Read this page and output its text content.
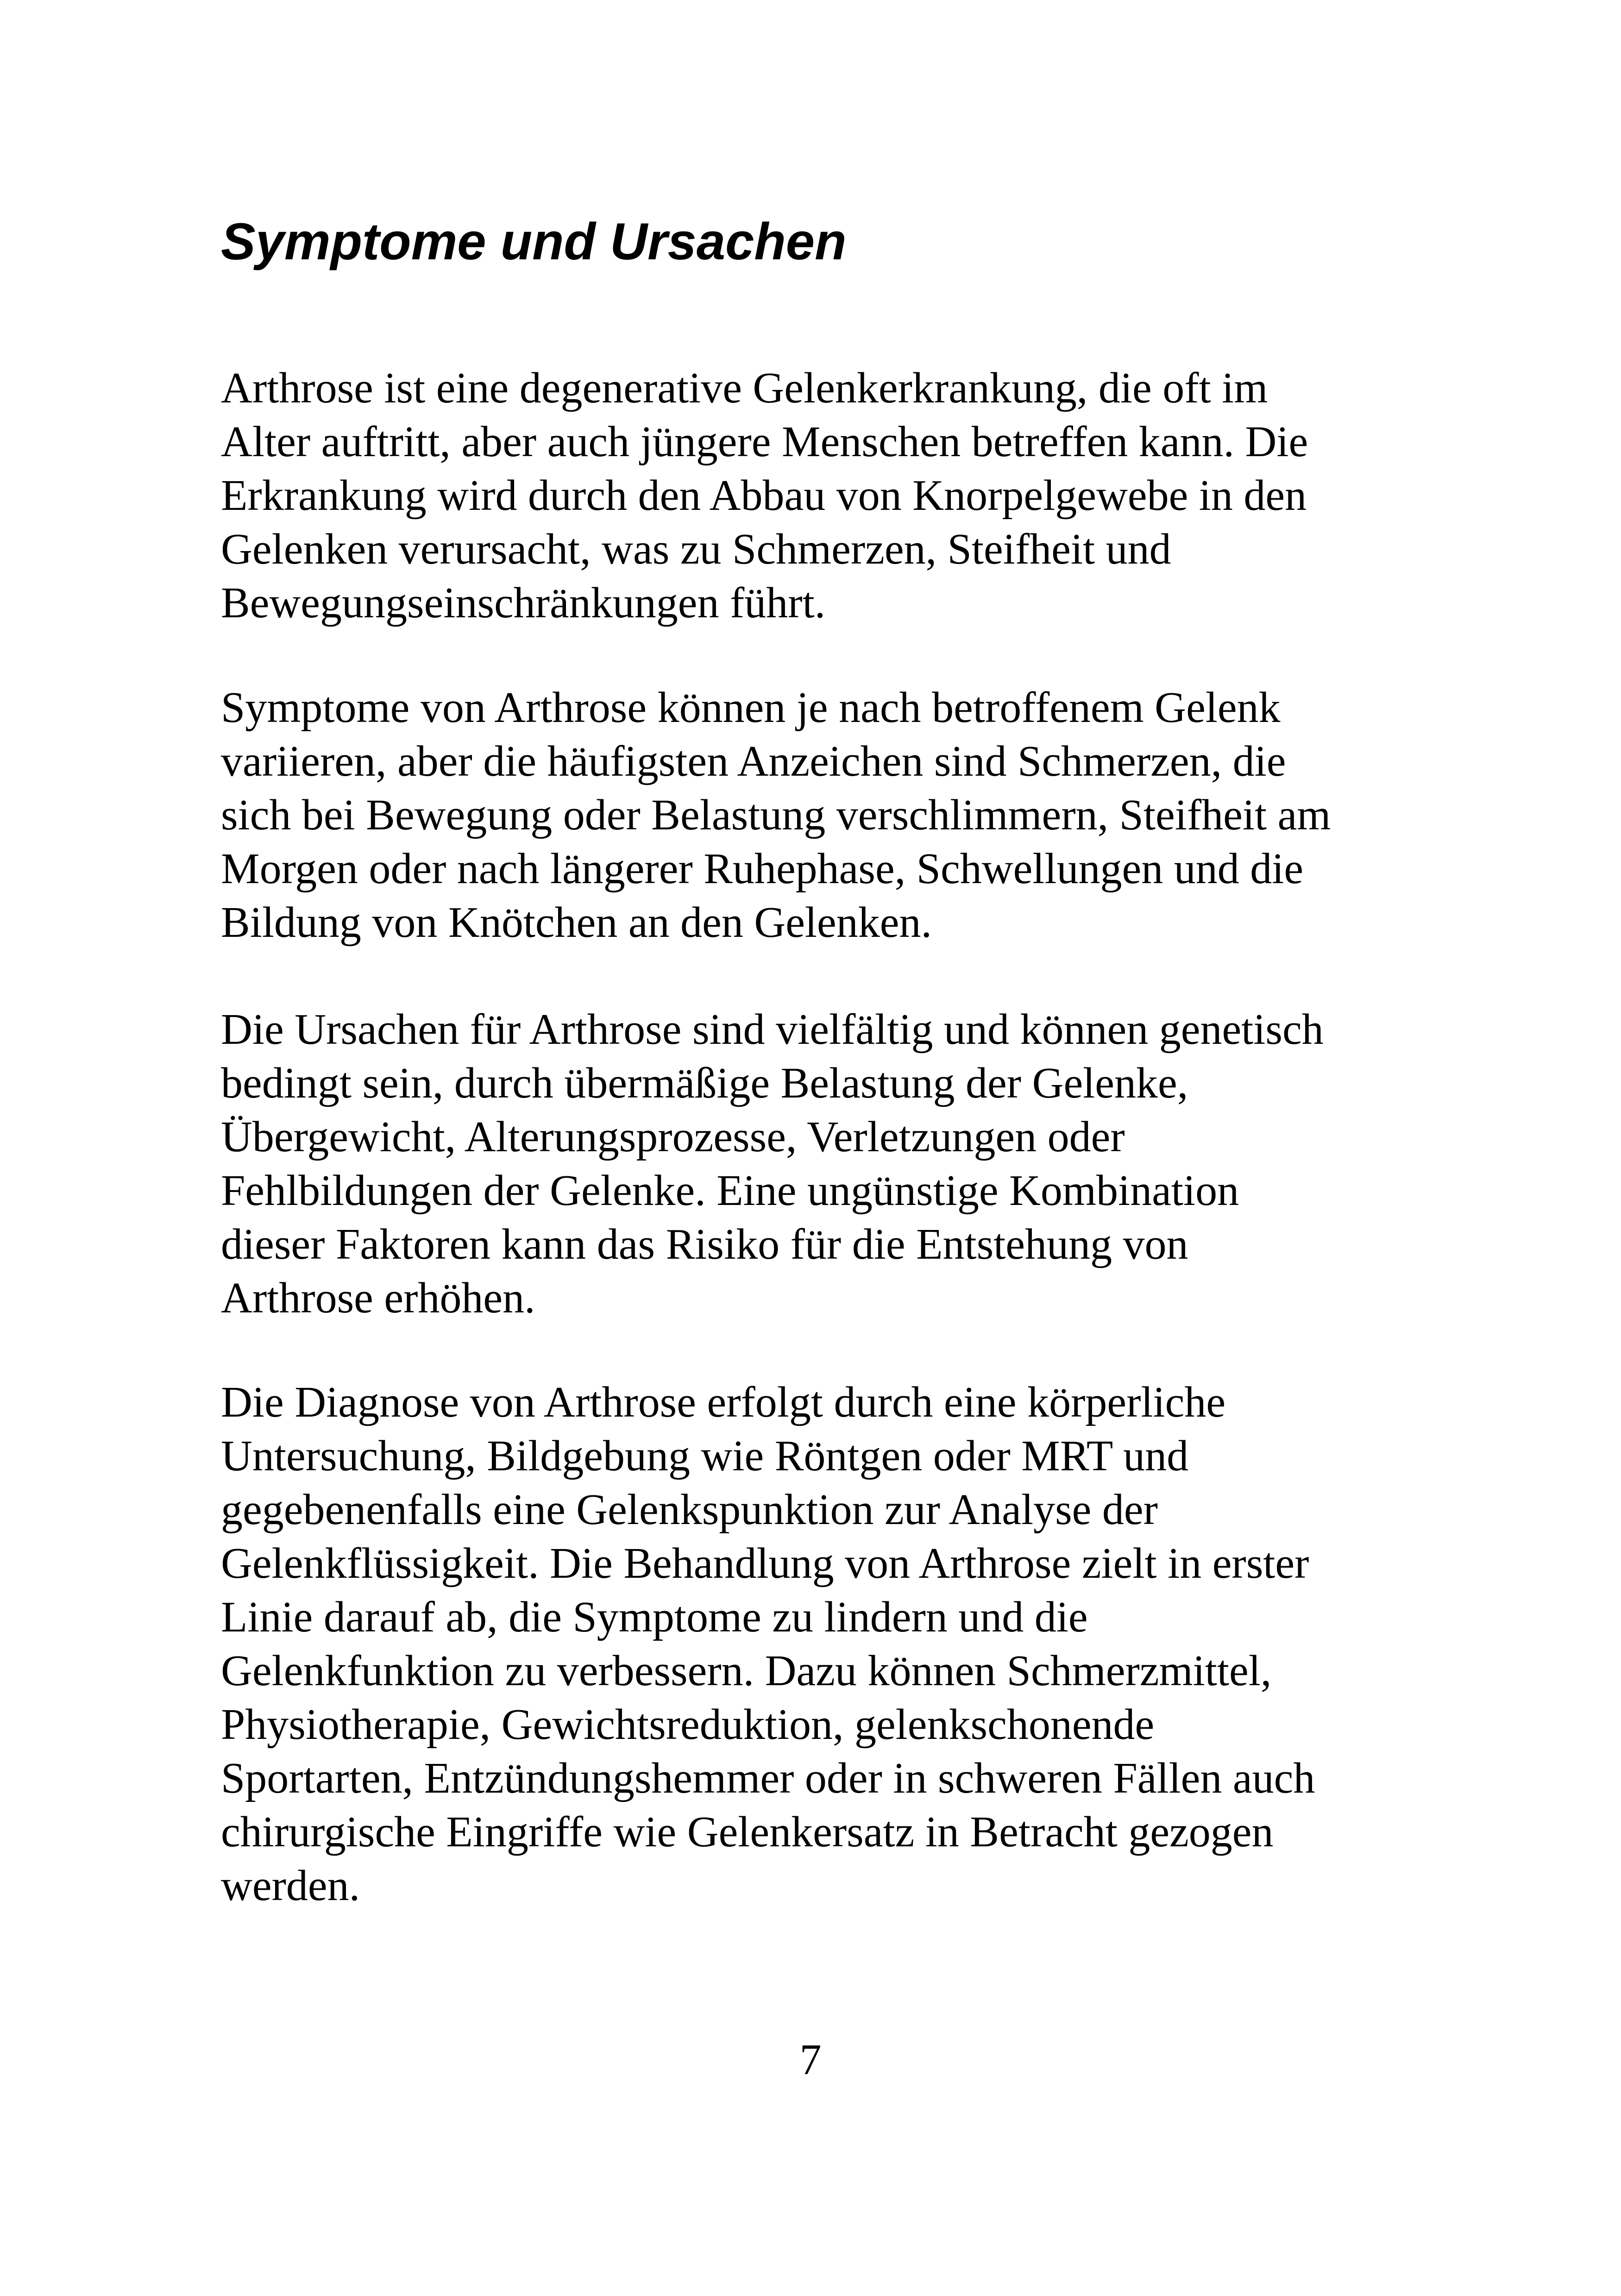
Symptome und Ursachen
Arthrose ist eine degenerative Gelenkerkrankung, die oft im
Alter auftritt, aber auch jüngere Menschen betreffen kann. Die
Erkrankung wird durch den Abbau von Knorpelgewebe in den
Gelenken verursacht, was zu Schmerzen, Steifheit und
Bewegungseinschränkungen führt.
Symptome von Arthrose können je nach betroffenem Gelenk
variieren, aber die häufigsten Anzeichen sind Schmerzen, die
sich bei Bewegung oder Belastung verschlimmern, Steifheit am
Morgen oder nach längerer Ruhephase, Schwellungen und die
Bildung von Knötchen an den Gelenken.
Die Ursachen für Arthrose sind vielfältig und können genetisch
bedingt sein, durch übermäßige Belastung der Gelenke,
Übergewicht, Alterungsprozesse, Verletzungen oder
Fehlbildungen der Gelenke. Eine ungünstige Kombination
dieser Faktoren kann das Risiko für die Entstehung von
Arthrose erhöhen.
Die Diagnose von Arthrose erfolgt durch eine körperliche
Untersuchung, Bildgebung wie Röntgen oder MRT und
gegebenenfalls eine Gelenkspunktion zur Analyse der
Gelenkflüssigkeit. Die Behandlung von Arthrose zielt in erster
Linie darauf ab, die Symptome zu lindern und die
Gelenkfunktion zu verbessern. Dazu können Schmerzmittel,
Physiotherapie, Gewichtsreduktion, gelenkschonende
Sportarten, Entzündungshemmer oder in schweren Fällen auch
chirurgische Eingriffe wie Gelenkersatz in Betracht gezogen
werden.
7
